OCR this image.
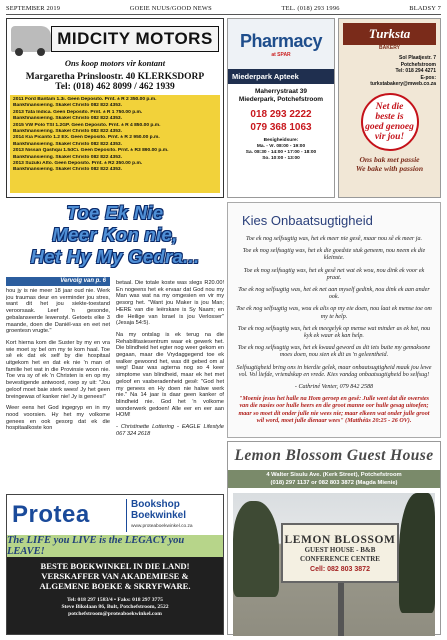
SEPTEMBER 2019	GOEIE NUUS/GOOD NEWS	TEL. (018) 293 1996	BLADSY 7
MIDCITY MOTORS
Ons koop motors vir kontant
Margaretha Prinsloostr. 40 KLERKSDORP
Tel: (018) 462 8099 / 462 1939
2011 Ford Bantam 1.3i. Geen Deposito. Prnt. ± R 2 350.00 p.m.
Bankfinansiering. Skakel Christo 082 822 4353.
2013 Tata Indica. Geen Deposito. Prnt. ± R 1 750.00 p.m.
Bankfinansiering. Skakel Christo 082 822 4353.
2015 VW Polo TSI 1.2GP. Geen Deposito. Prnt. ± R 4 850.00 p.m.
Bankfinansiering. Skakel Christo 082 822 4353.
2014 Kia Picanto 1.2 EX. Geen Deposito. Prnt. ± R 2 950.00 p.m.
Bankfinansiering. Skakel Christo 082 822 4353.
2013 Nissan Qashqai 1.5dCi. Geen Deposito. Prnt. ± R3 890.00 p.m.
Bankfinansiering. Skakel Christo 082 822 4353.
2013 Suzuki Alto. Geen Deposito. Prnt. ± R2 350.00 p.m.
Bankfinansiering. Skakel Christo 082 822 4353.
Pharmacy
at SPAR
Miederpark Apteek
Maherrystraat 39
Miederpark, Potchefstroom
018 293 2222
079 368 1063
Besigheidsure:
Ma. - Vr. 08:00 - 19:00
Sa. 08:30 - 14:00 • 17:00 - 18:00
So. 10:00 - 13:00
Turksta
BAKERY
Sol Plaatjestr. 7
Potchefstroom
Tel: 018 294 4271
E-pos:
turkstabakery@mweb.co.za
Net die
beste is
goed genoeg
vir jou!
Ons bak met passie
We bake with passion
Toe Ek Nie
Meer Kon nie,
Het Hy My Gedra...
Vervolg van p. 6

hou jy is nie meer 18 jaar oud nie. Werk jou traumas deur en verminder jou stres, want dit het jou siekte-toestand veroorsaak. Leef 'n gesonde, gebalanseerde lewenstyl. Getoets elke 3 maande, doen die Daniël-vas en eet net groentesn vrugte."

Kort hierna kom die Suster by my en vra wie moet sy bel om my te kom haal. Toe sê ek dat ek self by die hospitaal uitgekom het en dat ek nie 'n man of familie het wat in die Provinsie woon nie. Toe vra sy of ek 'n Christen is en op my bevestigende antwoord, roep sy uit: "Jou geloof moet baie sterk wees! Jy het geen breingewas of kanker nie! Jy is genees!"

Weer eens het God ingegryp en in my nood voorsien. Hy het my volkome genees en ook gesorg dat ek die hospitaalkoste kon

betaal. Die totale koste was slegs R20.00! En nogeens het ek ervaar dat God nou my Man was wat na my omgesien en vir my gesorg het. "Want jou Maker is jou Man; HERE van die leërskare is Sy Naam; en die Heilige van Israel is jou Verlosser" (Jesaja 54:5).

Na my ontslag is ek terug na die Rehabilitasiesentrum waar ek gewerk het. Die blindheid het egter nog weer gekom en gegaan, maar die Vrydaggegend toe ek walker gewoond het, was dit gebed om al weg! Daar was agterna nog so 4 keer simptome van blindheid, maar ek het met geloof en vasberadenheid gesê: "God het my genees en Hy doen nie halwe werk nie." Na 14 jaar is daar geen kanker of blindheid nie. God het 'n volkome wonderwerk gedoen! Alle eer en eer aan HOM!

- Christinette Lottering - EAGLE Lifestyle 067 324 2618

Kies Onbaatsugtigheid

Toe ek nog selfsugtig was, het ek meer nie gesê, maar nou sê ek meer ja.

Toe ek nog selfsugtig was, het ek die goedste stuk geneem, nou neem ek die kleinste.

Toe ek nog selfsugtig was, het ek gesê net wat ek wou, nou dink ek voor ek praat.

Toe ek nog selfsugtig was, het ek net aan myself gedink, nou dink ek aan ander ook.

Toe ek nog selfsugtig was, wou ek alis op my eie doen, nou laat ek mense toe om my te help.

Toe ek nog selfsugtig was, het ek meegelyk op mense wat minder as ek het, nou kyk ek waar ek kan help.

Toe ek nog selfsugtig was, het ek kwaad geword as dit iets buite my gemaksone moes doen, nou sien ek dit as 'n geleentheid.

Selfsugtigheid bring ons in hierdie gelek, maar onbaatsugtigheid maak jou lewe vol. Vol liefde, vriendskap en vrede. Kies vandag onbaatsugtigheid bo selfsug!

- Cathriné Venter, 079 842 2588

"Moenie jesus het halle na Hom geroep en gesê: Julle weet dat die owerstes van die nasies oor hulle heers en die groot manne oor hulle gesag uitoefen; maar so moet dit onder julle nie wees nie; maar elkeen wat onder julle groot wil word, moet julle dienaar wees" (Matthéüs 20:25 - 26 OV).

Protea	Bookshop
Boekwinkel
www.proteaboekwinkel.co.za
The LIFE you LIVE is the LEGACY you LEAVE!
BESTE BOEKWINKEL IN DIE LAND!
VERSKAFFER VAN AKADEMIESE &
ALGEMENE BOEKE & SKRYFWARE.
Tel: 018 297 1583/4 • Faks: 018 297 3775
Steve Bikolaan 86, Bult, Potchefstroom, 2522
potchefstroom@proteaboekwinkel.com
Lemon Blossom Guest House
4 Walter Sisulu Ave. (Kerk Street), Potchefstroom
(018) 297 1137 or 082 803 3872 (Magda Mienie)
LEMON BLOSSOM
GUEST HOUSE - B&B
CONFERENCE CENTRE
Cell: 082 803 3872
